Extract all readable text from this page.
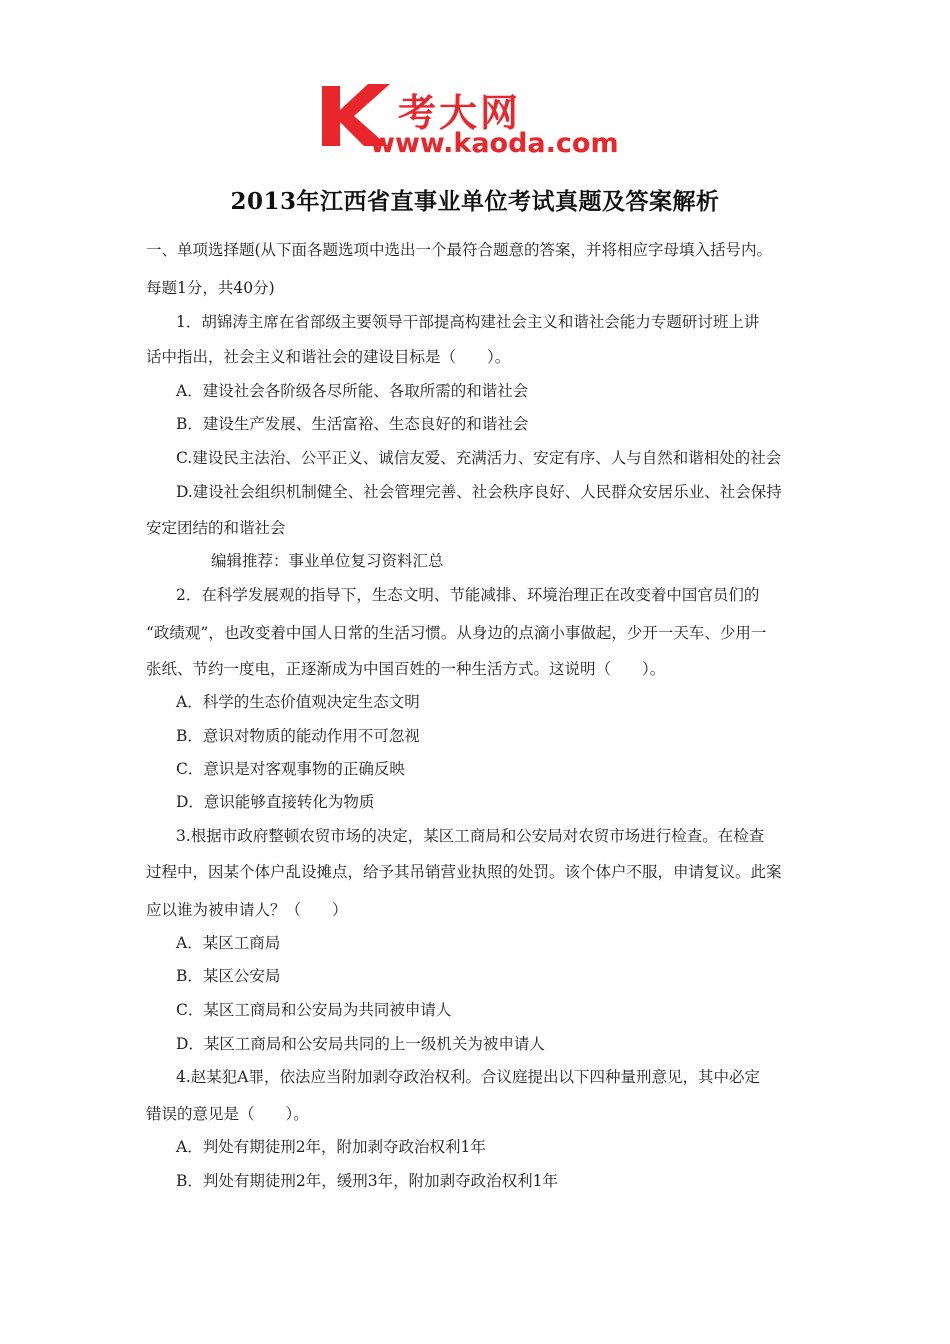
考大网
www.kaoda.com
2013年江西省直事业单位考试真题及答案解析
一、单项选择题(从下面各题选项中选出一个最符合题意的答案，并将相应字母填入括号内。
每题1分，共40分)
1．胡锦涛主席在省部级主要领导干部提高构建社会主义和谐社会能力专题研讨班上讲
话中指出，社会主义和谐社会的建设目标是（　　）。
A．建设社会各阶级各尽所能、各取所需的和谐社会
B．建设生产发展、生活富裕、生态良好的和谐社会
C.建设民主法治、公平正义、诚信友爱、充满活力、安定有序、人与自然和谐相处的社会
D.建设社会组织机制健全、社会管理完善、社会秩序良好、人民群众安居乐业、社会保持
安定团结的和谐社会
编辑推荐：事业单位复习资料汇总
2．在科学发展观的指导下，生态文明、节能减排、环境治理正在改变着中国官员们的
“政绩观”，也改变着中国人日常的生活习惯。从身边的点滴小事做起，少开一天车、少用一
张纸、节约一度电，正逐渐成为中国百姓的一种生活方式。这说明（　　）。
A．科学的生态价值观决定生态文明
B．意识对物质的能动作用不可忽视
C．意识是对客观事物的正确反映
D．意识能够直接转化为物质
3.根据市政府整顿农贸市场的决定，某区工商局和公安局对农贸市场进行检查。在检查
过程中，因某个体户乱设摊点，给予其吊销营业执照的处罚。该个体户不服，申请复议。此案
应以谁为被申请人？（　　）
A．某区工商局
B．某区公安局
C．某区工商局和公安局为共同被申请人
D．某区工商局和公安局共同的上一级机关为被申请人
4.赵某犯A罪，依法应当附加剥夺政治权利。合议庭提出以下四种量刑意见，其中必定
错误的意见是（　　）。
A．判处有期徒刑2年，附加剥夺政治权利1年
B．判处有期徒刑2年，缓刑3年，附加剥夺政治权利1年
